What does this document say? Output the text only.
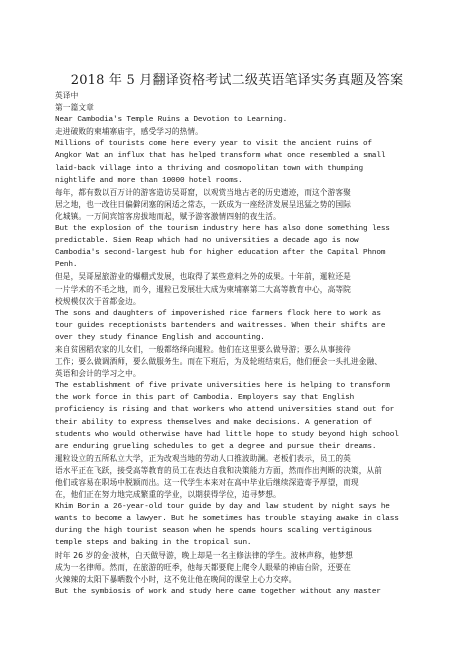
2018 年 5 月翻译资格考试二级英语笔译实务真题及答案
英译中
第一篇文章
Near Cambodia's Temple Ruins a Devotion to Learning.
走进破败的柬埔寨庙宇，感受学习的热情。
Millions of tourists come here every year to visit the ancient ruins of
Angkor Wat an influx that has helped transform what once resembled a small
laid-back village into a thriving and cosmopolitan town with thumping
nightlife and more than 10000 hotel rooms.
每年，都有数以百万计的游客造访吴哥窟，以观赏当地古老的历史遗迹，而这个游客聚
居之地，也一改往日偏僻闭塞的闲适之常态，一跃成为一座经济发展呈迅猛之势的国际
化城镇。一万间宾馆客房拔地而起，赋予游客激情四射的夜生活。
But the explosion of the tourism industry here has also done something less
predictable. Siem Reap which had no universities a decade ago is now
Cambodia's second-largest hub for higher education after the Capital Phnom
Penh.
但是，吴哥屋旅游业的爆棚式发展，也取得了某些意料之外的成果。十年前，暹粒还是
一片学术的不毛之地，而今，暹粒已发展壮大成为柬埔寨第二大高等教育中心，高等院
校规模仅次于首都金边。
The sons and daughters of impoverished rice farmers flock here to work as
tour guides receptionists bartenders and waitresses. When their shifts are
over they study finance English and accounting.
来自贫困稻农家的儿女们，一般都络绎向暹粒。他们在这里要么做导游；要么从事接待
工作；要么做调酒师，要么做服务生。而在下班后，为及轮班结束后，他们便会一头扎进金融、
英语和会计的学习之中。
The establishment of five private universities here is helping to transform
the work force in this part of Cambodia. Employers say that English
proficiency is rising and that workers who attend universities stand out for
their ability to express themselves and make decisions. A generation of
students who would otherwise have had little hope to study beyond high school
are enduring grueling schedules to get a degree and pursue their dreams.
暹粒设立的五所私立大学，正为改观当地的劳动人口推波助澜。老板们表示，员工的英
语水平正在飞跃，接受高等教育的员工在表达自我和决策能力方面，然而作出判断的决策，从前
他们或容易在职场中脱颖而出。这一代学生本来对在高中毕业后继续深造寄予厚望，而现
在，他们正在努力地完成繁重的学业，以期获得学位，追寻梦想。
Khim Borin a 26-year-old tour guide by day and law student by night says he
wants to become a lawyer. But he sometimes has trouble staying awake in class
during the high tourist season when he spends hours scaling vertiginous
temple steps and baking in the tropical sun.
时年 26 岁的金·波林，白天做导游，晚上却是一名主修法律的学生。波林声称，他梦想
成为一名律师。然而，在旅游的旺季，他每天都要爬上爬令人眼晕的神庙台阶，还要在
火辣辣的太阳下暴晒数个小时，这不免让他在晚间的课堂上心力交瘁。
But the symbiosis of work and study here came together without any master
